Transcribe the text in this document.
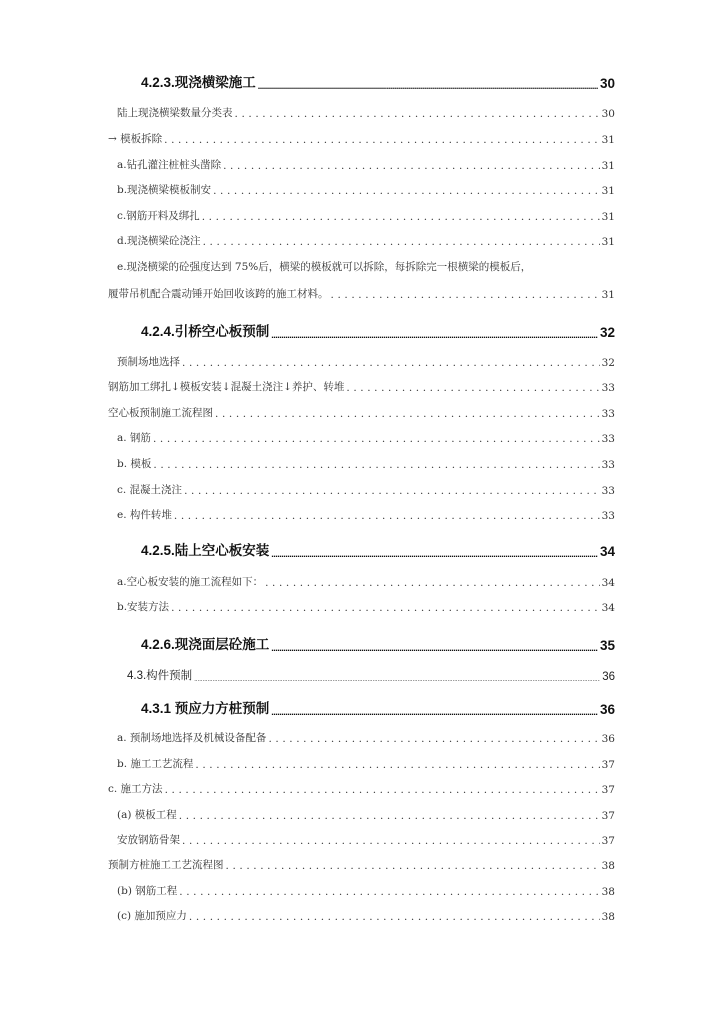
4.2.3.现浇横梁施工 .....	30
陆上现浇横梁数量分类表 .....	30
→ 模板拆除 .....	31
a.钻孔灌注桩桩头凿除 .....	31
b.现浇横梁模板制安 .....	31
c.钢筋开料及绑扎 .....	31
d.现浇横梁砼浇注 .....	31
e.现浇横梁的砼强度达到 75%后，横梁的模板就可以拆除，每拆除完一根横梁的模板后，
履带吊机配合震动锤开始回收该跨的施工材料。 .....	31
4.2.4.引桥空心板预制 .....	32
预制场地选择 .....	32
钢筋加工绑扎↓模板安装↓混凝土浇注↓养护、转堆 .....	33
空心板预制施工流程图 .....	33
a. 钢筋 .....	33
b. 模板 .....	33
c. 混凝土浇注 .....	33
e. 构件转堆 .....	33
4.2.5.陆上空心板安装 .....	34
a.空心板安装的施工流程如下： .....	34
b.安装方法 .....	34
4.2.6.现浇面层砼施工 .....	35
4.3.构件预制 .....	36
4.3.1 预应力方桩预制 .....	36
a. 预制场地选择及机械设备配备 .....	36
b. 施工工艺流程 .....	37
c. 施工方法 .....	37
(a) 模板工程 .....	37
安放钢筋骨架 .....	37
预制方桩施工工艺流程图 .....	38
(b) 钢筋工程 .....	38
(c) 施加预应力 .....	38
